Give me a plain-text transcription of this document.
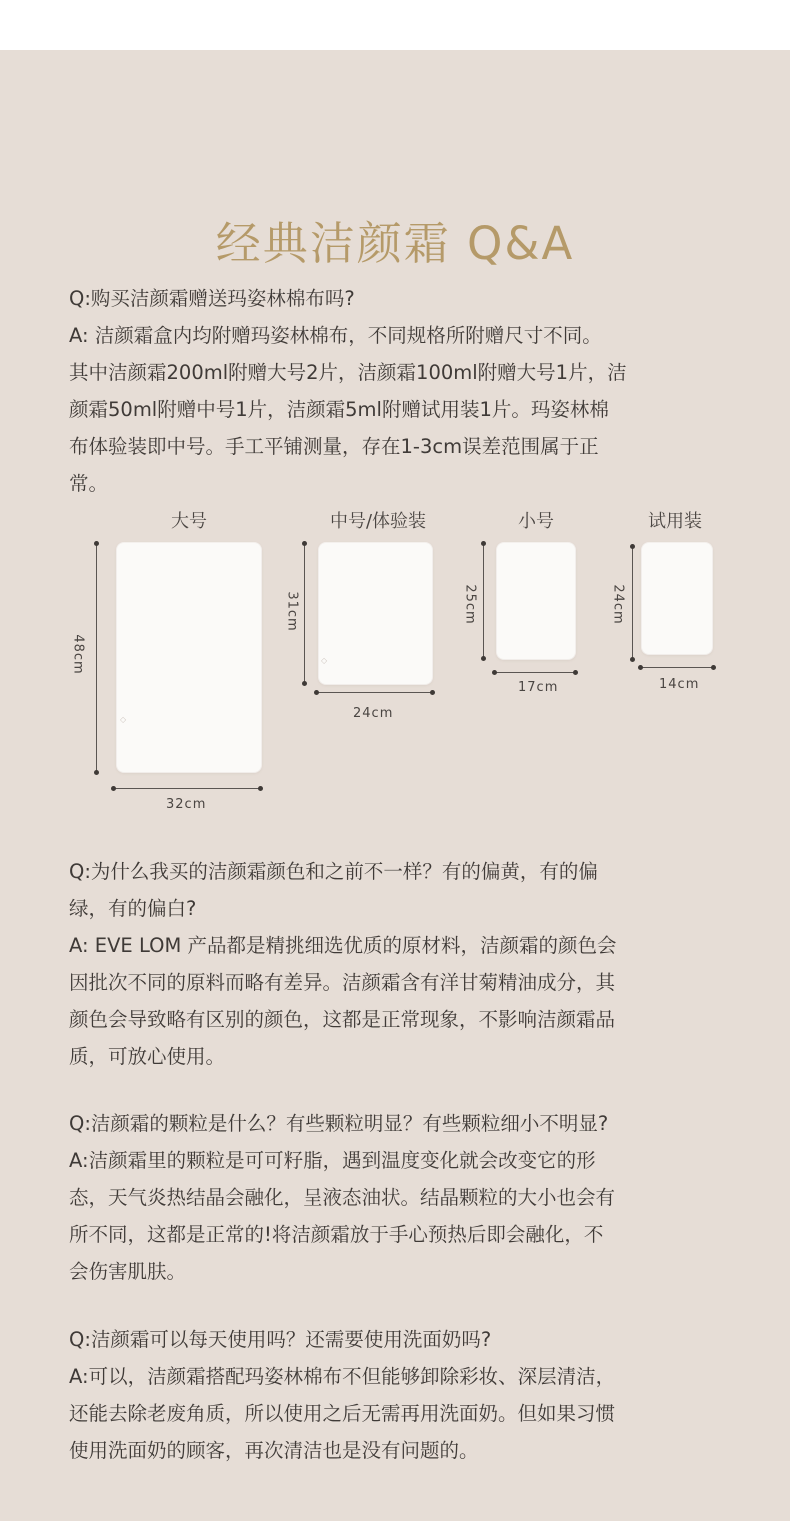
经典洁颜霜 Q&A
Q:购买洁颜霜赠送玛姿林棉布吗?
A: 洁颜霜盒内均附赠玛姿林棉布，不同规格所附赠尺寸不同。
其中洁颜霜200ml附赠大号2片，洁颜霜100ml附赠大号1片，洁
颜霜50ml附赠中号1片，洁颜霜5ml附赠试用装1片。玛姿林棉
布体验装即中号。手工平铺测量，存在1-3cm误差范围属于正
常。
大号
◇
48cm
32cm
中号/体验装
◇
31cm
24cm
小号
25cm
17cm
试用装
24cm
14cm
Q:为什么我买的洁颜霜颜色和之前不一样？有的偏黄，有的偏
绿，有的偏白?
A: EVE LOM 产品都是精挑细选优质的原材料，洁颜霜的颜色会
因批次不同的原料而略有差异。洁颜霜含有洋甘菊精油成分，其
颜色会导致略有区别的颜色，这都是正常现象，不影响洁颜霜品
质，可放心使用。
Q:洁颜霜的颗粒是什么？有些颗粒明显？有些颗粒细小不明显?
A:洁颜霜里的颗粒是可可籽脂，遇到温度变化就会改变它的形
态，天气炎热结晶会融化，呈液态油状。结晶颗粒的大小也会有
所不同，这都是正常的!将洁颜霜放于手心预热后即会融化，不
会伤害肌肤。
Q:洁颜霜可以每天使用吗？还需要使用洗面奶吗?
A:可以，洁颜霜搭配玛姿林棉布不但能够卸除彩妆、深层清洁，
还能去除老废角质，所以使用之后无需再用洗面奶。但如果习惯
使用洗面奶的顾客，再次清洁也是没有问题的。
